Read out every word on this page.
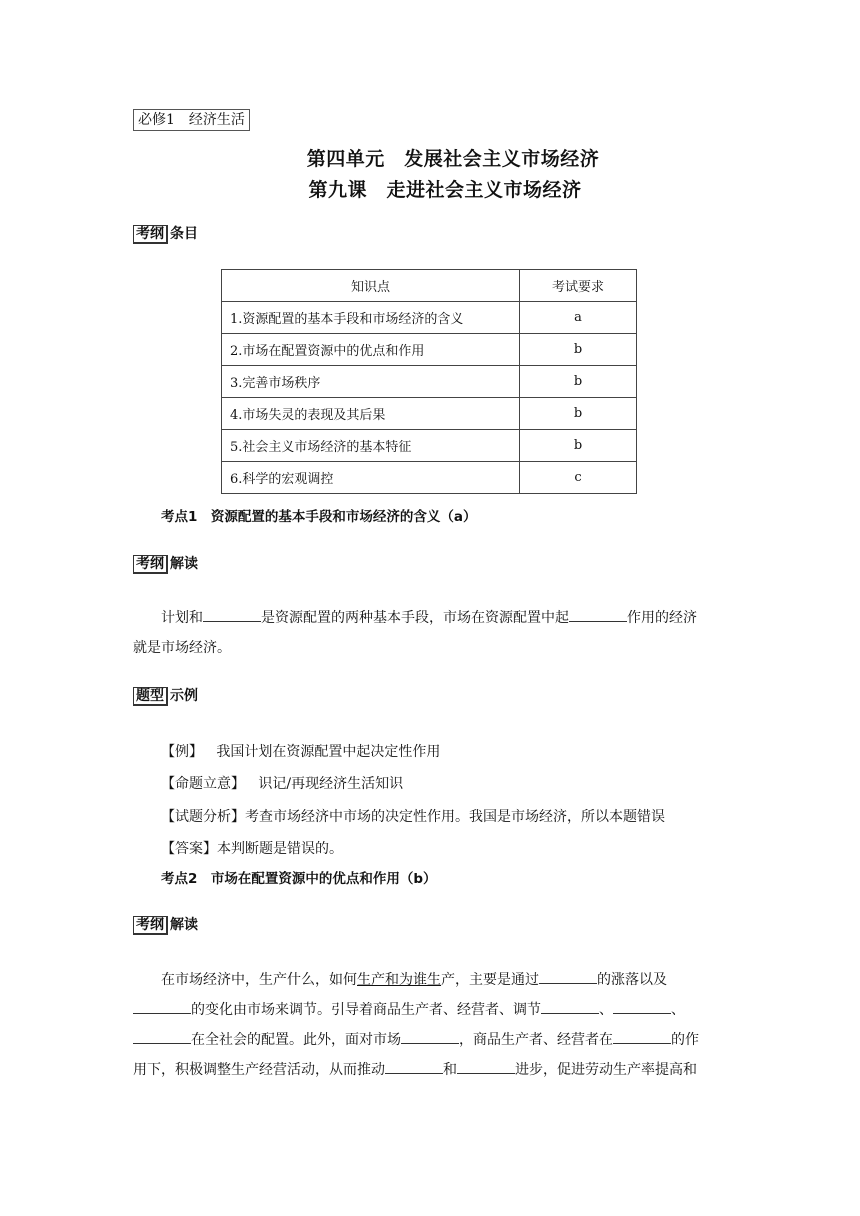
必修1　经济生活
第四单元　发展社会主义市场经济
第九课　走进社会主义市场经济
考纲 条目
知识点	考试要求
1.资源配置的基本手段和市场经济的含义	a
2.市场在配置资源中的优点和作用	b
3.完善市场秩序	b
4.市场失灵的表现及其后果	b
5.社会主义市场经济的基本特征	b
6.科学的宏观调控	c
考点1　资源配置的基本手段和市场经济的含义（a）
考纲 解读

计划和	是资源配置的两种基本手段，市场在资源配置中起	作用的经济

就是市场经济。

题型 示例
【例】 我国计划在资源配置中起决定性作用
【命题立意】 识记/再现经济生活知识
【试题分析】考查市场经济中市场的决定性作用。我国是市场经济，所以本题错误
【答案】本判断题是错误的。
考点2　市场在配置资源中的优点和作用（b）
考纲 解读

在市场经济中，生产什么，如何生产和为谁生产，主要是通过	的涨落以及

的变化由市场来调节。引导着商品生产者、经营者、调节	、	、

在全社会的配置。此外，面对市场	，商品生产者、经营者在	的作

用下，积极调整生产经营活动，从而推动	和	进步，促进劳动生产率提高和
